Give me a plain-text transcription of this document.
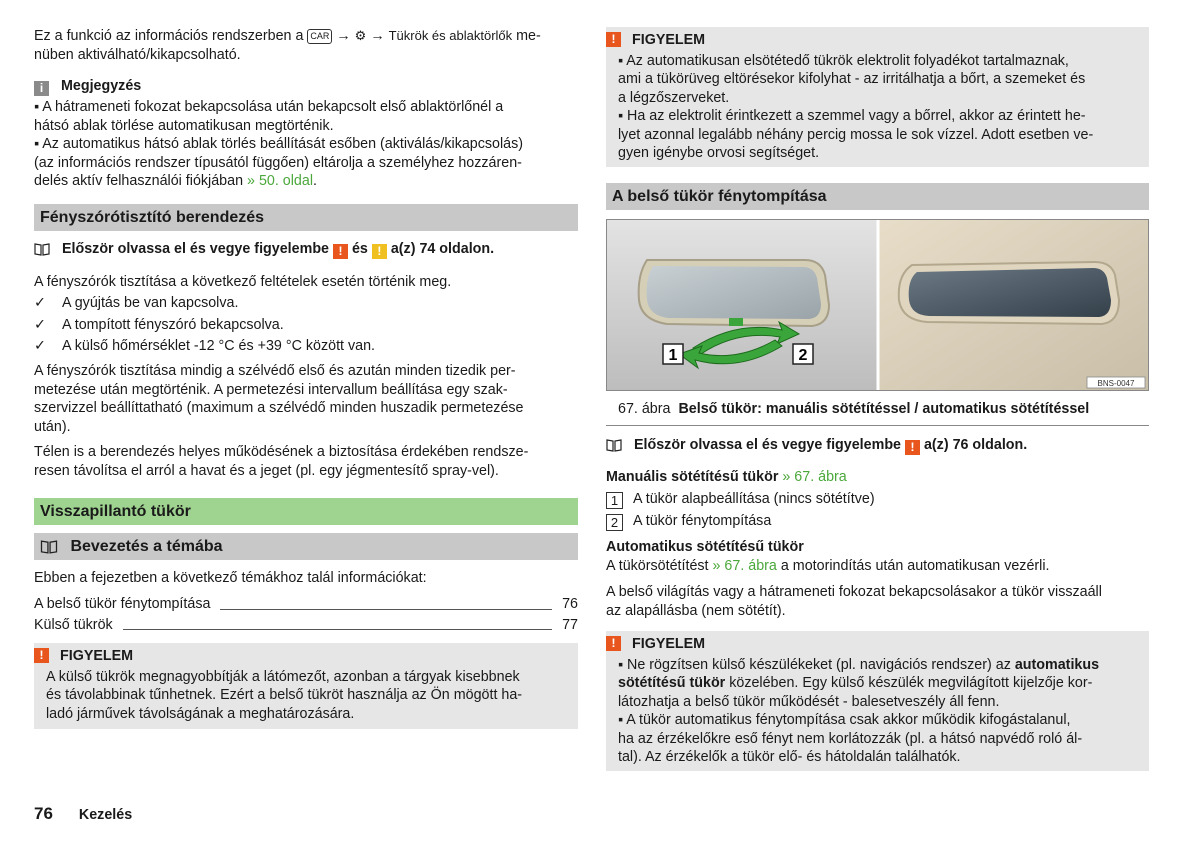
Ez a funkció az információs rendszerben a CAR → ⚙ → Tükrök és ablaktörlők me-
nüben aktiválható/kikapcsolható.
i Megjegyzés
▪ A hátrameneti fokozat bekapcsolása után bekapcsolt első ablaktörlőnél a
hátsó ablak törlése automatikusan megtörténik.
▪ Az automatikus hátsó ablak törlés beállítását esőben (aktiválás/kikapcsolás)
(az információs rendszer típusától függően) eltárolja a személyhez hozzáren-
delés aktív felhasználói fiókjában » 50. oldal.
Fényszórótisztító berendezés
Először olvassa el és vegye figyelembe ! és ! a(z) 74 oldalon.
A fényszórók tisztítása a következő feltételek esetén történik meg.
✓ A gyújtás be van kapcsolva.
✓ A tompított fényszóró bekapcsolva.
✓ A külső hőmérséklet -12 °C és +39 °C között van.
A fényszórók tisztítása mindig a szélvédő első és azután minden tizedik per-
metezése után megtörténik. A permetezési intervallum beállítása egy szak-
szervizzel beállíttatható (maximum a szélvédő minden huszadik permetezése
után).
Télen is a berendezés helyes működésének a biztosítása érdekében rendsze-
resen távolítsa el arról a havat és a jeget (pl. egy jégmentesítő spray-vel).
Visszapillantó tükör
Bevezetés a témába
Ebben a fejezetben a következő témákhoz talál információkat:
A belső tükör fénytompítása	76
Külső tükrök	77
!	FIGYELEM
A külső tükrök megnagyobbítják a látómezőt, azonban a tárgyak kisebbnek
és távolabbinak tűnhetnek. Ezért a belső tükröt használja az Ön mögött ha-
ladó járművek távolságának a meghatározására.
!	FIGYELEM
▪ Az automatikusan elsötétedő tükrök elektrolit folyadékot tartalmaznak,
ami a tükörüveg eltörésekor kifolyhat - az irritálhatja a bőrt, a szemeket és
a légzőszerveket.
▪ Ha az elektrolit érintkezett a szemmel vagy a bőrrel, akkor az érintett he-
lyet azonnal legalább néhány percig mossa le sok vízzel. Adott esetben ve-
gyen igénybe orvosi segítséget.
A belső tükör fénytompítása
1	2
BNS-0047
67. ábra Belső tükör: manuális sötétítéssel / automatikus sötétítéssel
Először olvassa el és vegye figyelembe ! a(z) 76 oldalon.
Manuális sötétítésű tükör » 67. ábra
1 A tükör alapbeállítása (nincs sötétítve)
2 A tükör fénytompítása
Automatikus sötétítésű tükör
A tükörsötétítést » 67. ábra a motorindítás után automatikusan vezérli.
A belső világítás vagy a hátrameneti fokozat bekapcsolásakor a tükör visszaáll
az alapállásba (nem sötétít).
!	FIGYELEM
▪ Ne rögzítsen külső készülékeket (pl. navigációs rendszer) az automatikus
sötétítésű tükör közelében. Egy külső készülék megvilágított kijelzője kor-
látozhatja a belső tükör működését - balesetveszély áll fenn.
▪ A tükör automatikus fénytompítása csak akkor működik kifogástalanul,
ha az érzékelőkre eső fényt nem korlátozzák (pl. a hátsó napvédő roló ál-
tal). Az érzékelők a tükör elő- és hátoldalán találhatók.
76 Kezelés
